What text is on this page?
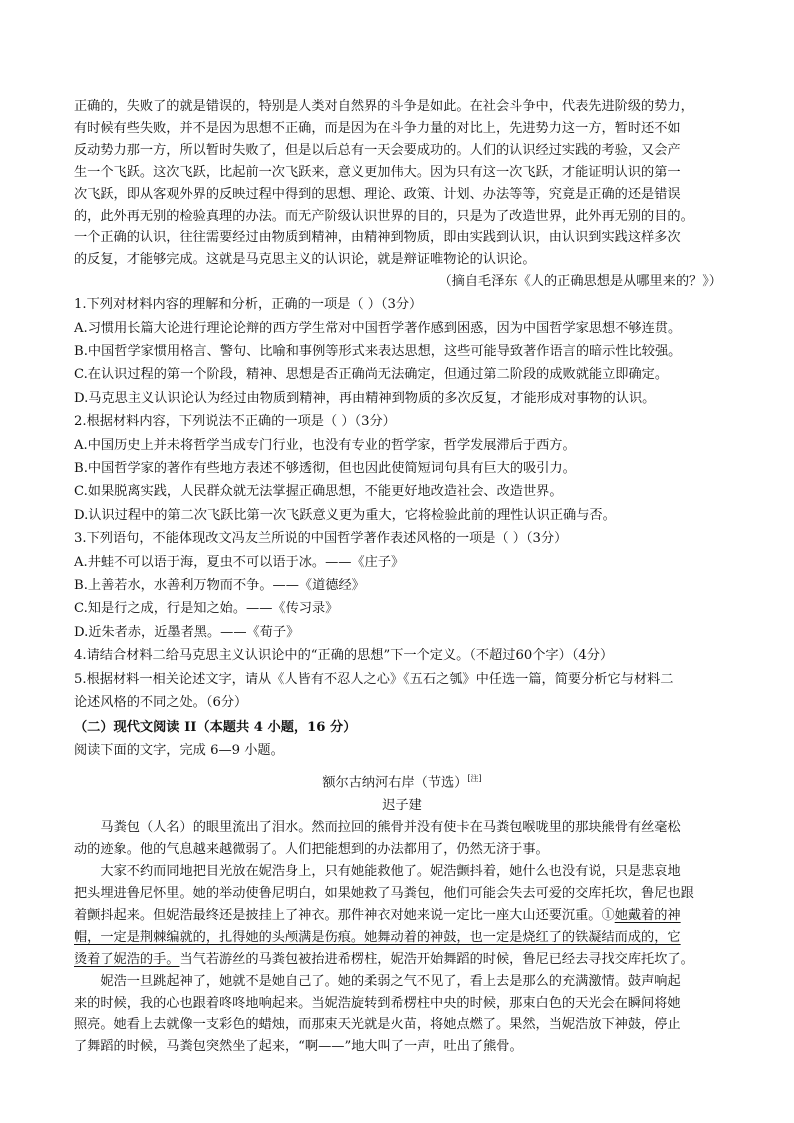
正确的，失败了的就是错误的，特别是人类对自然界的斗争是如此。在社会斗争中，代表先进阶级的势力，

有时候有些失败，并不是因为思想不正确，而是因为在斗争力量的对比上，先进势力这一方，暂时还不如

反动势力那一方，所以暂时失败了，但是以后总有一天会要成功的。人们的认识经过实践的考验，又会产

生一个飞跃。这次飞跃，比起前一次飞跃来，意义更加伟大。因为只有这一次飞跃，才能证明认识的第一

次飞跃，即从客观外界的反映过程中得到的思想、理论、政策、计划、办法等等，究竟是正确的还是错误

的，此外再无别的检验真理的办法。而无产阶级认识世界的目的，只是为了改造世界，此外再无别的目的。

一个正确的认识，往往需要经过由物质到精神，由精神到物质，即由实践到认识，由认识到实践这样多次

的反复，才能够完成。这就是马克思主义的认识论，就是辩证唯物论的认识论。

（摘自毛泽东《人的正确思想是从哪里来的？》）

1.下列对材料内容的理解和分析，正确的一项是（ ）（3分）

A.习惯用长篇大论进行理论论辩的西方学生常对中国哲学著作感到困惑，因为中国哲学家思想不够连贯。

B.中国哲学家惯用格言、警句、比喻和事例等形式来表达思想，这些可能导致著作语言的暗示性比较强。

C.在认识过程的第一个阶段，精神、思想是否正确尚无法确定，但通过第二阶段的成败就能立即确定。

D.马克思主义认识论认为经过由物质到精神，再由精神到物质的多次反复，才能形成对事物的认识。

2.根据材料内容，下列说法不正确的一项是（ ）（3分）

A.中国历史上并未将哲学当成专门行业，也没有专业的哲学家，哲学发展滞后于西方。

B.中国哲学家的著作有些地方表述不够透彻，但也因此使简短词句具有巨大的吸引力。

C.如果脱离实践，人民群众就无法掌握正确思想，不能更好地改造社会、改造世界。

D.认识过程中的第二次飞跃比第一次飞跃意义更为重大，它将检验此前的理性认识正确与否。

3.下列语句，不能体现改文冯友兰所说的中国哲学著作表述风格的一项是（ ）（3分）

A.井蛙不可以语于海，夏虫不可以语于冰。——《庄子》

B.上善若水，水善利万物而不争。——《道德经》

C.知是行之成，行是知之始。——《传习录》

D.近朱者赤，近墨者黑。——《荀子》

4.请结合材料二给马克思主义认识论中的“正确的思想”下一个定义。（不超过60个字）（4分）

5.根据材料一相关论述文字，请从《人皆有不忍人之心》《五石之瓠》中任选一篇，简要分析它与材料二

论述风格的不同之处。（6分）

（二）现代文阅读 II（本题共 4 小题，16 分）

阅读下面的文字，完成 6—9 小题。

额尔古纳河右岸（节选）[注]

迟子建

马粪包（人名）的眼里流出了泪水。然而拉回的熊骨并没有使卡在马粪包喉咙里的那块熊骨有丝毫松

动的迹象。他的气息越来越微弱了。人们把能想到的办法都用了，仍然无济于事。

大家不约而同地把目光放在妮浩身上，只有她能救他了。妮浩颤抖着，她什么也没有说，只是悲哀地

把头埋进鲁尼怀里。她的举动使鲁尼明白，如果她救了马粪包，他们可能会失去可爱的交库托坎，鲁尼也跟

着颤抖起来。但妮浩最终还是披挂上了神衣。那件神衣对她来说一定比一座大山还要沉重。①她戴着的神

帽，一定是荆棘编就的，扎得她的头颅满是伤痕。她舞动着的神鼓，也一定是烧红了的铁凝结而成的，它

烫着了妮浩的手。当气若游丝的马粪包被抬进希楞柱，妮浩开始舞蹈的时候，鲁尼已经去寻找交库托坎了。

妮浩一旦跳起神了，她就不是她自己了。她的柔弱之气不见了，看上去是那么的充满激情。鼓声响起

来的时候，我的心也跟着咚咚地响起来。当妮浩旋转到希楞柱中央的时候，那束白色的天光会在瞬间将她

照亮。她看上去就像一支彩色的蜡烛，而那束天光就是火苗，将她点燃了。果然，当妮浩放下神鼓，停止

了舞蹈的时候，马粪包突然坐了起来，“啊——”地大叫了一声，吐出了熊骨。
